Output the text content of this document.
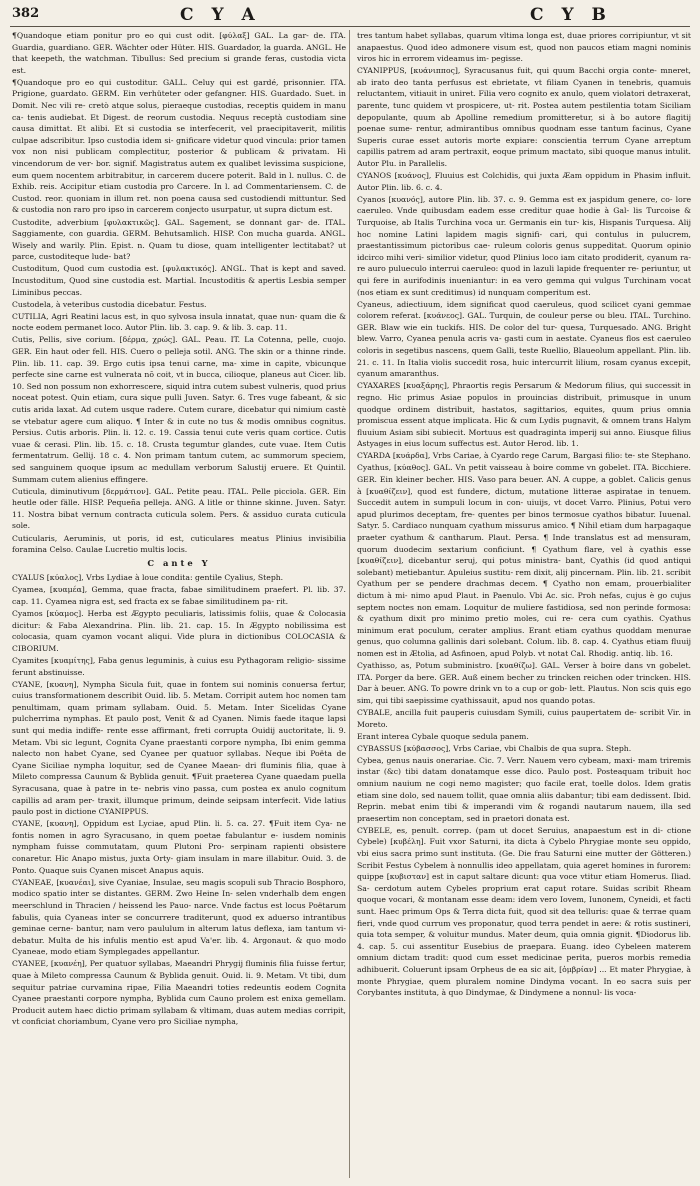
382	C Y A	C Y B

¶Quandoque etiam ponitur pro eo qui cust odit. [φύλαξ] GAL. La gar- de. ITA. Guardia, guardiano. GER. Wächter oder Hüter. HIS. Guardador, la guarda. ANGL. He that keepeth, the watchman. Tibullus: Sed precium si grande feras, custodia victa est.

¶Quandoque pro eo qui custoditur. GALL. Celuy qui est gardé, prisonnier. ITA. Prigione, guardato. GERM. Ein verhüteter oder gefangner. HIS. Guardado. Suet. in Domit. Nec vili re- cretò atque solus, pieraeque custodias, receptis quidem in manu ca- tenis audiebat. Et Digest. de reorum custodia. Nequus receptà custodiam sine causa dimittat. Et alibi. Et si custodia se interfecerit, vel praecipitaverit, militis culpae adscribitur. Ipso custodia idem si- gnificare videtur quod vincula: prior tamen vox non nisi publicam complectitur, posterior & publicam & privatam. Hi vincendorum de ver- bor. signif. Magistratus autem ex qualibet levissima suspicione, eum quem nocentem arbitrabitur, in carcerem ducere poterit. Bald in l. nullus. C. de Exhib. reis. Accipitur etiam custodia pro Carcere. In l. ad Commentariensem. C. de Custod. reor. quoniam in illum ret. non poena causa sed custodiendi mittuntur. Sed & custodia non raro pro ipso in carcerem conjecto usurpatur, ut supra dictum est.

Custodite, adverbium [φυλακτικῶς]. GAL. Sagement, se donnant gar- de. ITAL. Saggiamente, con guardia. GERM. Behutsamlich. HISP. Con mucha guarda. ANGL. Wisely and warily. Plin. Epist. n. Quam tu diose, quam intelligenter lectitabat? ut parce, custoditeque lude- bat?

Custoditum, Quod cum custodia est. [φυλακτικός]. ANGL. That is kept and saved. Incustoditum, Quod sine custodia est. Martial. Incustoditis & apertis Lesbia semper Liminibus peccas.

Custodela, à veteribus custodia dicebatur. Festus.

CUTILIA, Agri Reatini lacus est, in quo sylvosa insula innatat, quae nun- quam die & nocte eodem permanet loco. Autor Plin. lib. 3. cap. 9. & lib. 3. cap. 11.

Cutis, Pellis, sive corium. [δέρμα, χρώς]. GAL. Peau. IT. La Cotenna, pelle, cuojo. GER. Ein haut oder fell. HIS. Cuero o pelleja sotil. ANG. The skin or a thinne rinde. Plin. lib. 11. cap. 39. Ergo cutis ipsa tenui carne, ma- xime in capite, vbicunque perfecte sine carne est vulnerata nō coit, vt in bucca, cilioque, planeus aut Cicer. lib. 10. Sed non possum non exhorrescere, siquid intra cutem subest vulneris, quod prius noceat potest. Quin etiam, cura sique pulli Juven. Satyr. 6. Tres vuge fabeant, & sic cutis arida laxat. Ad cutem usque radere. Cutem curare, dicebatur qui nimium castè se vtebatur agere cum aliquo. ¶ Inter & in cute no tus & modis omnibus cognitus. Persius. Cutis arboris. Plin. li. 12. c. 19. Cassia tenui cute veris quam cortice. Cutis vuae & cerasi. Plin. lib. 15. c. 18. Crusta tegumtur glandes, cute vuae. Item Cutis fermentatrum. Gellij. 18 c. 4. Non primam tantum cutem, ac summorum speciem, sed sanguinem quoque ipsum ac medullam verborum Salustij eruere. Et Quintil. Summam cutem alienius effingere.

Cuticula, diminutivum [δερμάτιον]. GAL. Petite peau. ITAL. Pelle picciola. GER. Ein heutle oder fälle. HISP. Pequeña pelleja. ANG. A litle or thinne skinne. Juven. Satyr. 11. Nostra bibat vernum contracta cuticula solem. Pers. & assiduo curata cuticula sole.

Cuticularis, Aeruminis, ut poris, id est, cuticulares meatus Plinius invisibilia foramina Celso. Caulae Lucretio multis locis.

C ante Y

CYALUS [κύαλος], Vrbs Lydiae à loue condita: gentile Cyalius, Steph.

Cyamea, [κυαμέα], Gemma, quae fracta, fabae similitudinem praefert. Pl. lib. 37. cap. 11. Cyamea nigra est, sed fracta ex se fabae similitudinem pa- rit.

Cyamos [κύαμος]. Herba est Ægypto peculiaris, latissimis foliis, quae & Colocasia dicitur: & Faba Alexandrina. Plin. lib. 21. cap. 15. In Ægypto nobilissima est colocasia, quam cyamon vocant aliqui. Vide plura in dictionibus COLOCASIA & CIBORIUM.

Cyamites [κυαμίτης], Faba genus leguminis, à cuius esu Pythagoram religio- sissime ferunt abstinuisse.

CYANE, [κυανη], Nympha Sicula fuit, quae in fontem sui nominis conuersa fertur, cuius transformationem describit Ouid. lib. 5. Metam. Corripit autem hoc nomen tam penultimam, quam primam syllabam. Ouid. 5. Metam. Inter Sicelidas Cyane pulcherrima nymphas. Et paulo post, Venit & ad Cyanen. Nimis faede itaque lapsi sunt qui media indiffe- rente esse affirmant, freti corrupta Ouidij auctoritate, li. 9. Metam. Vbi sic legunt, Cognita Cyane praestanti corpore nympha, Ibi enim gemma nalecto non habet Cyane, sed Cyanee per quatuor syllabas. Neque ibi Poëta de Cyane Siciliae nympha loquitur, sed de Cyanee Maean- dri fluminis filia, quae à Mileto compressa Caunum & Byblida genuit. ¶Fuit praeterea Cyane quaedam puella Syracusana, quae à patre in te- nebris vino passa, cum postea ex anulo cognitum capillis ad aram per- traxit, illumque primum, deinde seipsam interfecit. Vide latius paulo post in dictione CYANIPPUS.

CYANE, [κυανη], Oppidum est Lyciae, apud Plin. li. 5. ca. 27. ¶Fuit item Cya- ne fontis nomen in agro Syracusano, in quem poetae fabulantur e- iusdem nominis nympham fuisse commutatam, quum Plutoni Pro- serpinam rapienti obsistere conaretur. Hic Anapo mistus, juxta Orty- giam insulam in mare illabitur. Ouid. 3. de Ponto. Quaque suis Cyanen miscet Anapus aquis.

CYANEAE, [κυανέαι], sive Cyaniae, Insulae, seu magis scopuli sub Thracio Bosphoro, modico spatio inter se distantes. GERM. Zwo Heine In- selen vnderhalb dem engen meerschlund in Thracien / heissend les Pauo- narce. Vnde factus est locus Poëtarum fabulis, quia Cyaneas inter se concurrere traditerunt, quod ex aduerso intrantibus geminae cerne- bantur, nam vero paululum in alterum latus deflexa, iam tantum vi- debatur. Multa de his infulis mentio est apud Va'er. lib. 4. Argonaut. & quo modo Cyaneae, modo etiam Symplegades appellantur.

CYANEE, [κυανέη], Per quatuor syllabas, Maeandri Phrygij fluminis filia fuisse fertur, quae à Mileto compressa Caunum & Byblida genuit. Ouid. li. 9. Metam. Vt tibi, dum sequitur patriae curvamina ripae, Filia Maeandri toties redeuntis eodem Cognita Cyanee praestanti corpore nympha, Byblida cum Cauno prolem est enixa gemellam. Producit autem haec dictio primam syllabam & vltimam, duas autem medias corripit, vt conficiat choriambum, Cyane vero pro Siciliae nympha,

tres tantum habet syllabas, quarum vltima longa est, duae priores corripiuntur, vt sit anapaestus. Quod ideo admonere visum est, quod non paucos etiam magni nominis viros hic in errorem videamus im- pegisse.

CYANIPPUS, [κυάνιππος], Syracusanus fuit, qui quum Bacchi orgia conte- mneret, ab irato deo tanta perfusus est ebrietate, vt filiam Cyanen in tenebris, quamuis reluctantem, vitiauit in uniret. Filia vero cognito ex anulo, quem violatori detraxerat, parente, tunc quidem vt prospicere, ut- rit. Postea autem pestilentia totam Siciliam depopulante, quum ab Apolline remedium promitteretur, si à bo autore flagitij poenae sume- rentur, admirantibus omnibus quodnam esse tantum facinus, Cyane Superis curae esset autoris morte expiare: conscientia terrum Cyane arreptum capillis patrem ad aram pertraxit, eoque primum mactato, sibi quoque manus intulit. Autor Plu. in Parallelis.

CYANOS [κυάνος], Fluuius est Colchidis, qui juxta Æam oppidum in Phasim influit. Autor Plin. lib. 6. c. 4.

Cyanos [κυανός], autore Plin. lib. 37. c. 9. Gemma est ex jaspidum genere, co- lore caeruleo. Vnde quibusdam eadem esse creditur quae hodie à Gal- lis Turcoise & Turquoise, ab Italis Turchina voca ur. Germanis ein tur- kis, Hispanis Turquesa. Alij hoc nomine Latini lapidem magis signifi- cari, qui contulus in pulucrem, praestantissimum pictoribus cae- ruleum coloris genus suppeditat. Quorum opinio idcirco mihi veri- similior videtur, quod Plinius loco iam citato prodiderit, cyanum ra- re auro pulueculo interrui caeruleo: quod in lazuli lapide frequenter re- periuntur, ut qui fere in aurifodinis inueniantur: in ea vero gemma qui vulgus Turchinam vocat (nos etiam ex sunt creditimus) id nunquam comperitum est.

Cyaneus, adiectiuum, idem significat quod caeruleus, quod scilicet cyani gemmae colorem referat. [κυάνεος]. GAL. Turquin, de couleur perse ou bleu. ITAL. Turchino. GER. Blaw wie ein tuckifs. HIS. De color del tur- quesa, Turquesado. ANG. Bright blew. Varro, Cyanea penula acris va- gasti cum in aestate. Cyaneus flos est caeruleo coloris in segetibus nascens, quem Galli, teste Ruellio, Blaueolum appellant. Plin. lib. 21. c. 11. In Italia violis succedit rosa, huic intercurrit lilium, rosam cyanus excepit, cyanum amaranthus.

CYAXARES [κυαξάρης], Phraortis regis Persarum & Medorum filius, qui successit in regno. Hic primus Asiae populos in prouincias distribuit, primusque in unum quodque ordinem distribuit, hastatos, sagittarios, equites, quum prius omnia promiscua essent atque implicata. Hic & cum Lydis pugnavit, & omnem trans Halym fluuium Asiam sibi subiecit. Mortuus est quadraginta imperij sui anno. Eiusque filius Astyages in eius locum suffectus est. Autor Herod. lib. 1.

CYARDA [κυάρδα], Vrbs Cariae, à Cyardo rege Carum, Bargasi filio: te- ste Stephano.

Cyathus, [κύαθος]. GAL. Vn petit vaisseau à boire comme vn gobelet. ITA. Bicchiere. GER. Ein kleiner becher. HIS. Vaso para beuer. AN. A cuppe, a goblet. Calicis genus à [κυαθίζειν], quod est fundere, dictum, mutatione litterae aspiratae in tenuem. Succedit autem in sumpuli locum in con- uiuijs, vt docet Varro. Plinius, Potui vero apud plurimos deceptam, fre- quentes per binos termosue cyathos bibatur. Iuuenal. Satyr. 5. Cardiaco nunquam cyathum missurus amico. ¶ Nihil etiam dum harpagaque praeter cyathum & cantharum. Plaut. Persa. ¶ Inde translatus est ad mensuram, quorum duodecim sextarium conficiunt. ¶ Cyathum flare, vel à cyathis esse [κυαθίζειν], dicebantur seruj, qui potus ministra- bant, Cyathis (id quod antiqui solebant) metiebantur. Apuleius sustitu- rem dixit, alij pincernam. Plin. lib. 21. scribit Cyathum per se pendere drachmas decem. ¶ Cyatho non emam, prouerbialiter dictum à mi- nimo apud Plaut. in Paenulo. Vbi Ac. sic. Proh nefas, cujus è go cujus septem noctes non emam. Loquitur de muliere fastidiosa, sed non perinde formosa: & cyathum dixit pro minimo pretio moles, cui re- cera cum cyathis. Cyathus minimum erat poculum, cerater amplius. Erant etiam cyathus quoddam menurae genus, quo columna gallinis dari solebant. Colum. lib. 8. cap. 4. Cyathus etiam fluuij nomen est in Ætolia, ad Asfinoen, apud Polyb. vt notat Cal. Rhodig. antiq. lib. 16.

Cyathisso, as, Potum subministro. [κυαθίζω]. GAL. Verser à boire dans vn gobelet. ITA. Porger da bere. GER. Auß einem becher zu trincken reichen oder trincken. HIS. Dar à beuer. ANG. To powre drink vn to a cup or gob- lett. Plautus. Non scis quis ego sim, qui tibi saepissime cyathissauit, apud nos quando potas.

CYBALE, ancilla fuit pauperis cuiusdam Symili, cuius paupertatem de- scribit Vir. in Moreto.

Erant interea Cybale quoque sedula panem.

CYBASSUS [κύβασσος], Vrbs Cariae, vbi Chalbis de qua supra. Steph.

Cybea, genus nauis onerariae. Cic. 7. Verr. Nauem vero cybeam, maxi- mam triremis instar (&c) tibi datam donatamque esse dico. Paulo post. Posteaquam tribuit hoc omnium nauium ne cogi nemo magister; quo facile erat, toelle dolos. Idem gratis etiam sine dolo, sed nauem tollit, quae omnia aliis dabantur; tibi eam dedissent. Ibid. Reprin. mebat enim tibi & imperandi vim & rogandi nautarum nauem, illa sed praesertim non conceptam, sed in praetori donata est.

CYBELE, es, penult. correp. (pam ut docet Seruius, anapaestum est in di- ctione Cybele) [κυβέλη]. Fuit vxor Saturni, ita dicta à Cybelo Phrygiae monte seu oppido, vbi eius sacra primo sunt instituta. (Ge. Die frau Saturni eine mutter der Götteren.) Scribit Festus Cybelem à nonnullis ideo appellatam, quia ageret homines in furorem: quippe [κυβισταν] est in caput saltare dicunt: qua voce vtitur etiam Homerus. Iliad. Sa- cerdotum autem Cybeles proprium erat caput rotare. Suidas scribit Rheam quoque vocari, & montanam esse deam: idem vero Iovem, Iunonem, Cyneidi, et facti sunt. Haec primum Ops & Terra dicta fuit, quod sit dea telluris: quae & terrae quam fieri, vnde quod currum ves proponatur, quod terra pendet in aere: & rotis sustineri, quia tota semper, & voluitur mundus. Mater deum, quia omnia gignit. ¶Diodorus lib. 4. cap. 5. cui assentitur Eusebius de praepara. Euang. ideo Cybeleen materem omnium dictam tradit: quod cum esset medicinae perita, pueros morbis remedia adhibuerit. Coluerunt ipsam Orpheus de ea sic ait, [ὀμβρίαν] ... Et mater Phrygiae, à monte Phrygiae, quem pluralem nomine Dindyma vocant. In eo sacra suis per Corybantes instituta, à quo Dindymae, & Dindymene a nonnul- lis voca-
